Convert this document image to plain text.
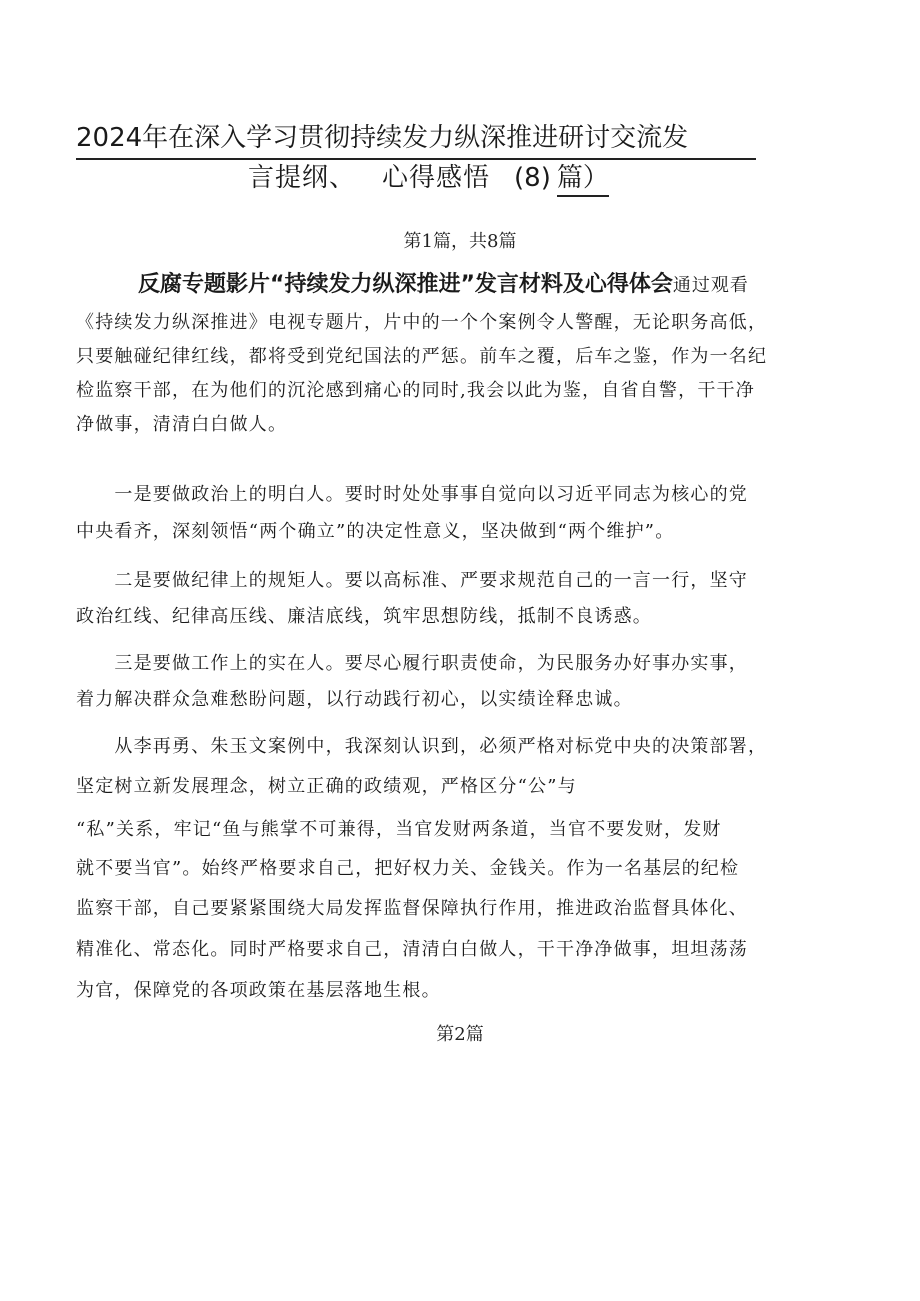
2024年在深入学习贯彻持续发力纵深推进研讨交流发
言提纲、 心得感悟 (8) 篇）
第1篇，共8篇
反腐专题影片“持续发力纵深推进”发言材料及心得体会通过观看
《持续发力纵深推进》电视专题片，片中的一个个案例令人警醒，无论职务高低，
只要触碰纪律红线，都将受到党纪国法的严惩。前车之覆，后车之鉴，作为一名纪
检监察干部，在为他们的沉沦感到痛心的同时,我会以此为鉴，自省自警，干干净
净做事，清清白白做人。
　　一是要做政治上的明白人。要时时处处事事自觉向以习近平同志为核心的党
中央看齐，深刻领悟“两个确立”的决定性意义，坚决做到“两个维护”。
　　二是要做纪律上的规矩人。要以高标准、严要求规范自己的一言一行，坚守
政治红线、纪律高压线、廉洁底线，筑牢思想防线，抵制不良诱惑。
　　三是要做工作上的实在人。要尽心履行职责使命，为民服务办好事办实事，
着力解决群众急难愁盼问题，以行动践行初心，以实绩诠释忠诚。
　　从李再勇、朱玉文案例中，我深刻认识到，必须严格对标党中央的决策部署，
坚定树立新发展理念，树立正确的政绩观，严格区分“公”与
“私”关系，牢记“鱼与熊掌不可兼得，当官发财两条道，当官不要发财，发财
就不要当官”。始终严格要求自己，把好权力关、金钱关。作为一名基层的纪检
监察干部，自己要紧紧围绕大局发挥监督保障执行作用，推进政治监督具体化、
精准化、常态化。同时严格要求自己，清清白白做人，干干净净做事，坦坦荡荡
为官，保障党的各项政策在基层落地生根。
第2篇
